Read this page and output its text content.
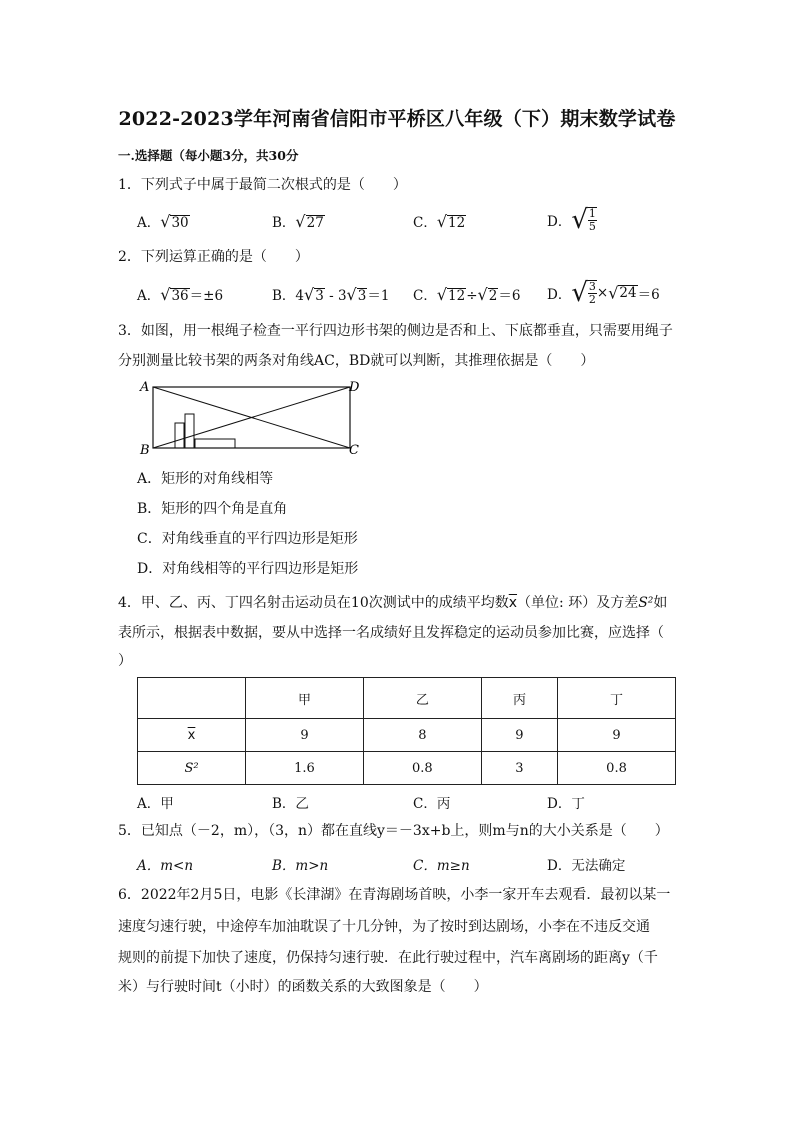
2022-2023学年河南省信阳市平桥区八年级（下）期末数学试卷
一.选择题（每小题3分，共30分
1．下列式子中属于最简二次根式的是（　　）
A．√30	B．√27	C．√12	D．√ $\frac{1}{5}$
2．下列运算正确的是（　　）
A．√36＝±6	B．4√3 - 3√3＝1 C．√12÷√2＝6 D．√ $\frac{3}{2} \times√24=6$
3．如图，用一根绳子检查一平行四边形书架的侧边是否和上、下底都垂直，只需要用绳子
分别测量比较书架的两条对角线AC，BD就可以判断，其推理依据是（　　）
A
B	C
D
A．矩形的对角线相等
B．矩形的四个角是直角
C．对角线垂直的平行四边形是矩形
D．对角线相等的平行四边形是矩形
4．甲、乙、丙、丁四名射击运动员在10次测试中的成绩平均数$\overline{x}$（单位: 环）及方差S²如
表所示，根据表中数据，要从中选择一名成绩好且发挥稳定的运动员参加比赛，应选择（
）
	甲	乙	丙	丁
$\overline{x}$	9	8	9	9
S²	1.6	0.8	3	0.8
A．甲	B．乙	C．丙	D．丁
5．已知点（－2，m），（3，n）都在直线y＝－3x+b上，则m与n的大小关系是（　　）
A．m<n	B．m>n	C．m≥n	D．无法确定
6．2022年2月5日，电影《长津湖》在青海剧场首映，小李一家开车去观看．最初以某一
速度匀速行驶，中途停车加油耽误了十几分钟，为了按时到达剧场，小李在不违反交通
规则的前提下加快了速度，仍保持匀速行驶．在此行驶过程中，汽车离剧场的距离y（千
米）与行驶时间t（小时）的函数关系的大致图象是（　　）
